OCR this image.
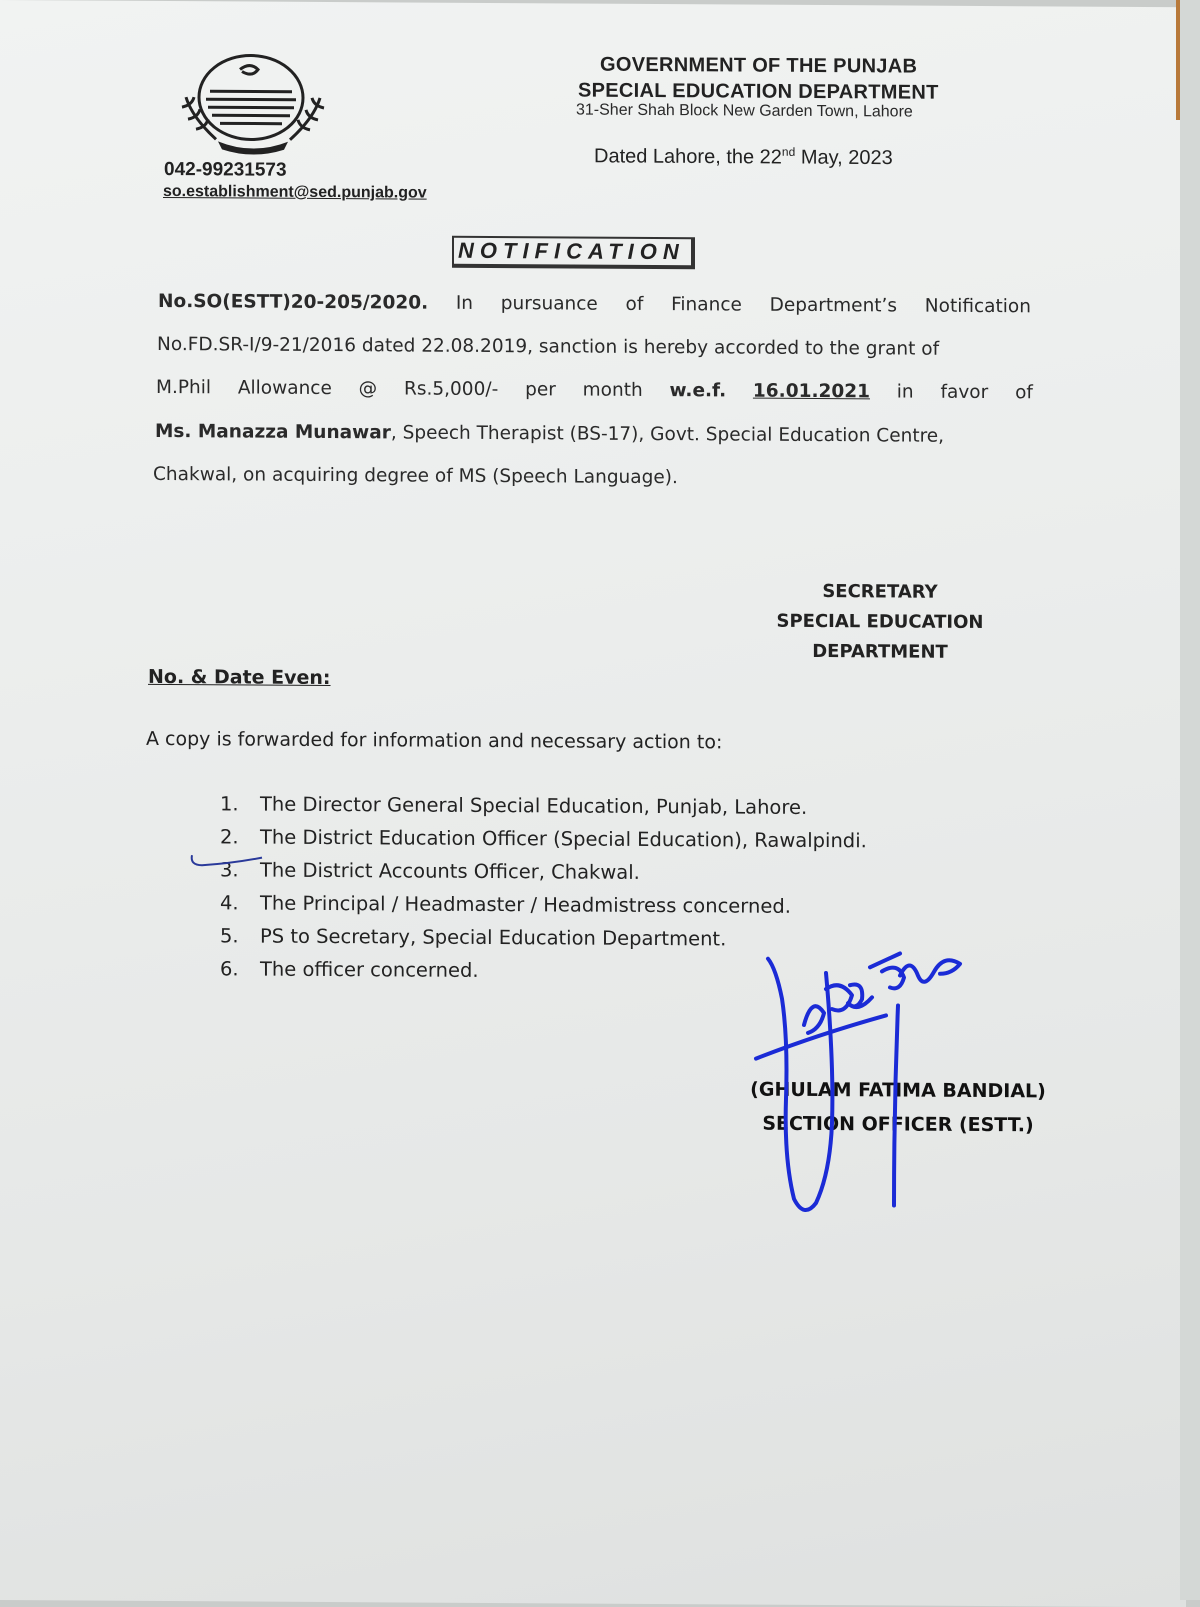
GOVERNMENT OF THE PUNJAB
SPECIAL EDUCATION DEPARTMENT
31-Sher Shah Block New Garden Town, Lahore
042-99231573
so.establishment@sed.punjab.gov
Dated Lahore, the 22nd May, 2023
NOTIFICATION
No.SO(ESTT)20-205/2020. In pursuance of Finance Department’s Notification
No.FD.SR-I/9-21/2016 dated 22.08.2019, sanction is hereby accorded to the grant of
M.Phil Allowance @ Rs.5,000/- per month w.e.f. 16.01.2021 in favor of
Ms. Manazza Munawar, Speech Therapist (BS-17), Govt. Special Education Centre,
Chakwal, on acquiring degree of MS (Speech Language).
SECRETARY
SPECIAL EDUCATION
DEPARTMENT
No. & Date Even:
A copy is forwarded for information and necessary action to:
1. The Director General Special Education, Punjab, Lahore.
2. The District Education Officer (Special Education), Rawalpindi.
3. The District Accounts Officer, Chakwal.
4. The Principal / Headmaster / Headmistress concerned.
5. PS to Secretary, Special Education Department.
6. The officer concerned.
(GHULAM FATIMA BANDIAL)
SECTION OFFICER (ESTT.)
